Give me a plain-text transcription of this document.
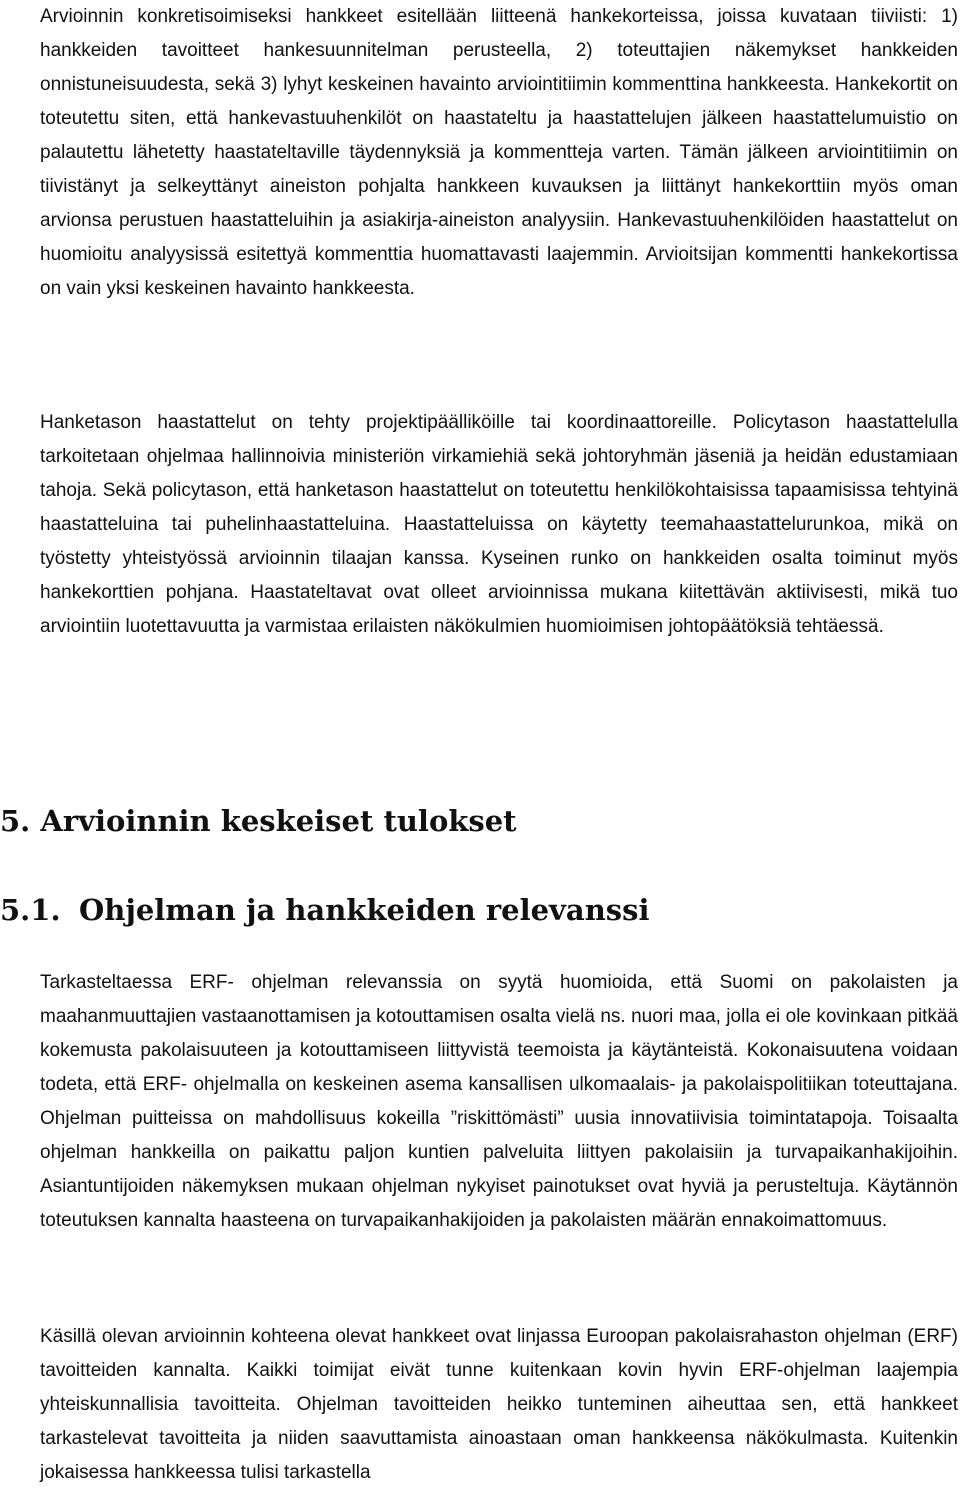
Arvioinnin konkretisoimiseksi hankkeet esitellään liitteenä hankekorteissa, joissa kuvataan tiiviisti: 1) hankkeiden tavoitteet hankesuunnitelman perusteella, 2) toteuttajien näkemykset hankkeiden onnistuneisuudesta, sekä 3) lyhyt keskeinen havainto arviointitiimin kommenttina hankkeesta. Hankekortit on toteutettu siten, että hankevastuuhenkilöt on haastateltu ja haastattelujen jälkeen haastattelumuistio on palautettu lähetetty haastateltaville täydennyksiä ja kommentteja varten. Tämän jälkeen arviointitiimin on tiivistänyt ja selkeyttänyt aineiston pohjalta hankkeen kuvauksen ja liittänyt hankekorttiin myös oman arvionsa perustuen haastatteluihin ja asiakirja-aineiston analyysiin. Hankevastuuhenkilöiden haastattelut on huomioitu analyysissä esitettyä kommenttia huomattavasti laajemmin. Arvioitsijan kommentti hankekortissa on vain yksi keskeinen havainto hankkeesta.

Hanketason haastattelut on tehty projektipäälliköille tai koordinaattoreille. Policytason haastattelulla tarkoitetaan ohjelmaa hallinnoivia ministeriön virkamiehiä sekä johtoryhmän jäseniä ja heidän edustamiaan tahoja. Sekä policytason, että hanketason haastattelut on toteutettu henkilökohtaisissa tapaamisissa tehtyinä haastatteluina tai puhelinhaastatteluina. Haastatteluissa on käytetty teemahaastattelurunkoa, mikä on työstetty yhteistyössä arvioinnin tilaajan kanssa. Kyseinen runko on hankkeiden osalta toiminut myös hankekorttien pohjana. Haastateltavat ovat olleet arvioinnissa mukana kiitettävän aktiivisesti, mikä tuo arviointiin luotettavuutta ja varmistaa erilaisten näkökulmien huomioimisen johtopäätöksiä tehtäessä.

5. Arvioinnin keskeiset tulokset
5.1. Ohjelman ja hankkeiden relevanssi

Tarkasteltaessa ERF- ohjelman relevanssia on syytä huomioida, että Suomi on pakolaisten ja maahanmuuttajien vastaanottamisen ja kotouttamisen osalta vielä ns. nuori maa, jolla ei ole kovinkaan pitkää kokemusta pakolaisuuteen ja kotouttamiseen liittyvistä teemoista ja käytänteistä. Kokonaisuutena voidaan todeta, että ERF- ohjelmalla on keskeinen asema kansallisen ulkomaalais- ja pakolaispolitiikan toteuttajana. Ohjelman puitteissa on mahdollisuus kokeilla ”riskittömästi” uusia innovatiivisia toimintatapoja. Toisaalta ohjelman hankkeilla on paikattu paljon kuntien palveluita liittyen pakolaisiin ja turvapaikanhakijoihin. Asiantuntijoiden näkemyksen mukaan ohjelman nykyiset painotukset ovat hyviä ja perusteltuja. Käytännön toteutuksen kannalta haasteena on turvapaikanhakijoiden ja pakolaisten määrän ennakoimattomuus.

Käsillä olevan arvioinnin kohteena olevat hankkeet ovat linjassa Euroopan pakolaisrahaston ohjelman (ERF) tavoitteiden kannalta. Kaikki toimijat eivät tunne kuitenkaan kovin hyvin ERF-ohjelman laajempia yhteiskunnallisia tavoitteita. Ohjelman tavoitteiden heikko tunteminen aiheuttaa sen, että hankkeet tarkastelevat tavoitteita ja niiden saavuttamista ainoastaan oman hankkeensa näkökulmasta. Kuitenkin jokaisessa hankkeessa tulisi tarkastella
